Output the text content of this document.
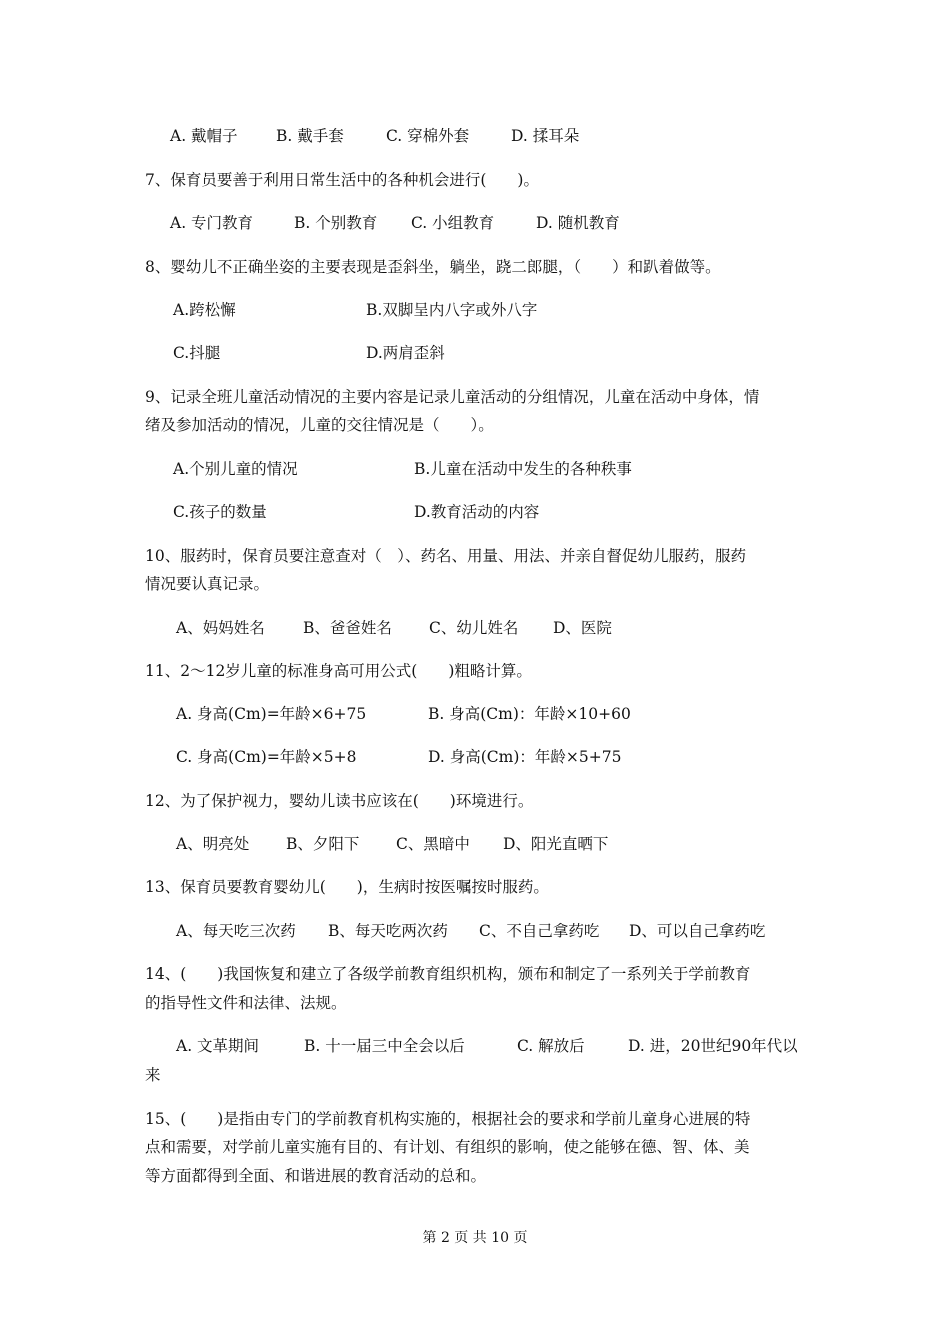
A. 戴帽子 B. 戴手套	C. 穿棉外套	D. 揉耳朵
7、保育员要善于利用日常生活中的各种机会进行(　　)。
A. 专门教育	B. 个别教育 C. 小组教育	D. 随机教育
8、婴幼儿不正确坐姿的主要表现是歪斜坐，躺坐，跷二郎腿，（　　）和趴着做等。
A.跨松懈	B.双脚呈内八字或外八字
C.抖腿	D.两肩歪斜
9、记录全班儿童活动情况的主要内容是记录儿童活动的分组情况，儿童在活动中身体，情
绪及参加活动的情况，儿童的交往情况是（　　）。
A.个别儿童的情况	B.儿童在活动中发生的各种秩事
C.孩子的数量	D.教育活动的内容
10、服药时，保育员要注意查对（　）、药名、用量、用法、并亲自督促幼儿服药，服药
情况要认真记录。
A、妈妈姓名 B、爸爸姓名 C、幼儿姓名 D、医院
11、2～12岁儿童的标准身高可用公式(　　)粗略计算。
A. 身高(Cm)=年龄×6+75	B. 身高(Cm)：年龄×10+60
C. 身高(Cm)=年龄×5+8	D. 身高(Cm)：年龄×5+75
12、为了保护视力，婴幼儿读书应该在(　　)环境进行。
A、明亮处 B、夕阳下 C、黑暗中 D、阳光直晒下
13、保育员要教育婴幼儿(　　)，生病时按医嘱按时服药。
A、每天吃三次药 B、每天吃两次药 C、不自己拿药吃 D、可以自己拿药吃
14、(　　)我国恢复和建立了各级学前教育组织机构，颁布和制定了一系列关于学前教育
的指导性文件和法律、法规。
A. 文革期间	B. 十一届三中全会以后	C. 解放后	D. 进，20世纪90年代以
来
15、(　　)是指由专门的学前教育机构实施的，根据社会的要求和学前儿童身心进展的特
点和需要，对学前儿童实施有目的、有计划、有组织的影响，使之能够在德、智、体、美
等方面都得到全面、和谐进展的教育活动的总和。
第 2 页 共 10 页
